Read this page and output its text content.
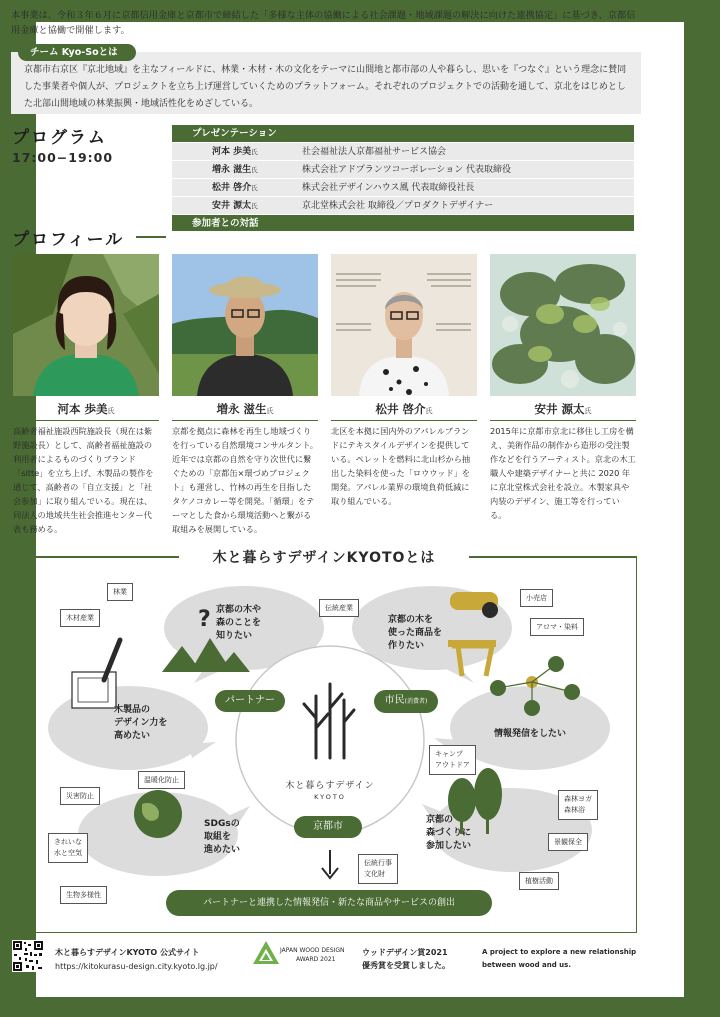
本事業は、令和３年６月に京都信用金庫と京都市で締結した「多様な主体の協働による社会課題・地域課題の解決に向けた連携協定」に基づき、京都信用金庫と協働で開催します。

チーム Kyo-Soとは

京都市右京区『京北地域』を主なフィールドに、林業・木材・木の文化をテーマに山間地と都市部の人や暮らし、思いを『つなぐ』という理念に賛同した事業者や個人が、プロジェクトを立ち上げ運営していくためのプラットフォーム。それぞれのプロジェクトでの活動を通して、京北をはじめとした北部山間地域の林業振興・地域活性化をめざしている。

プログラム
17:00−19:00
プレゼンテーション
河本 歩美氏	社会福祉法人京都福祉サービス協会
増永 滋生氏	株式会社アドプランツコーポレーション 代表取締役
松井 啓介氏	株式会社デザインハウス風 代表取締役社長
安井 源太氏	京北堂株式会社 取締役／プロダクトデザイナー
参加者との対話
プロフィール
河本 歩美氏	増永 滋生氏	松井 啓介氏	安井 源太氏

高齢者福祉施設西院施設長（現在は紫野施設長）として、高齢者福祉施設の利用者によるものづくりブランド「sitte」を立ち上げ、木製品の製作を通じて、高齢者の「自立支援」と「社会参加」に取り組んでいる。現在は、同法人の地域共生社会推進センター代表も務める。

京都を拠点に森林を再生し地域づくりを行っている自然環境コンサルタント。近年では京都の自然を守り次世代に繋ぐための「京都缶×環づめプロジェクト」も運営し、竹林の再生を目指したタケノコカレー等を開発。「循環」をテーマとした食から環境活動へと繋がる取組みを展開している。

北区を本拠に国内外のアパレルブランドにテキスタイルデザインを提供している。ペレットを燃料に北山杉から抽出した染料を使った「ロウウッド」を開発。アパレル業界の環境負荷低減に取り組んでいる。

2015年に京都市京北に移住し工房を構え、美術作品の制作から造形の受注製作などを行うアーティスト。京北の木工職人や建築デザイナーと共に 2020 年に京北堂株式会社を設立。木製家具や内装のデザイン、施工等を行っている。

木と暮らすデザインKYOTOとは
? 京都の木や
森のことを
知りたい
京都の木を
使った商品を
作りたい
木製品の
デザイン力を
高めたい	情報発信をしたい
SDGsの
取組を
進めたい
京都の
森づくりに
参加したい
パートナー	市民(消費者)
京都市
木と暮らすデザイン
KYOTO
パートナーと連携した情報発信・新たな商品やサービスの創出
林業
木材産業
伝統産業
小売店
アロマ・染料
キャンプ
アウトドア
温暖化防止
災害防止
きれいな
水と空気
生物多様性
伝統行事
文化財
森林ヨガ
森林浴
景観保全
植樹活動
木と暮らすデザインKYOTO 公式サイト
https://kitokurasu-design.city.kyoto.lg.jp/
JAPAN WOOD DESIGN
AWARD 2021
ウッドデザイン賞2021
優秀賞を受賞しました。
A project to explore a new relationship
between wood and us.
